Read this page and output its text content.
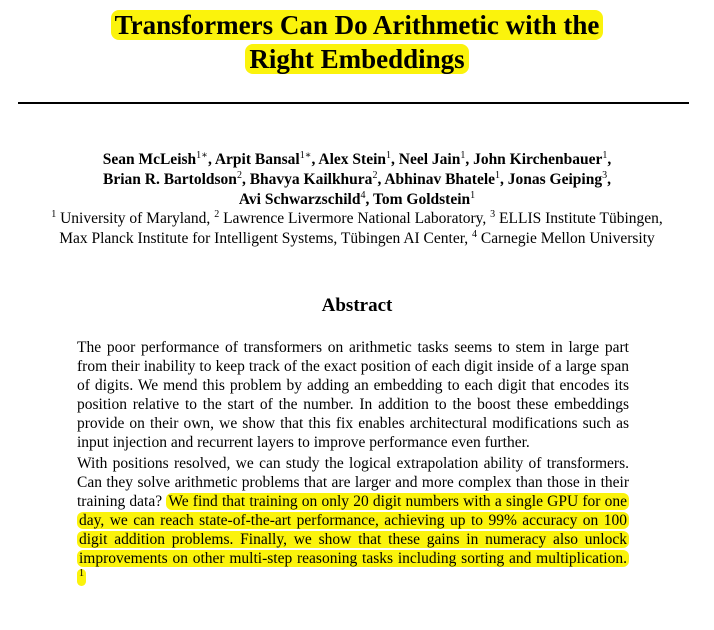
Transformers Can Do Arithmetic with the
Right Embeddings
Sean McLeish$^{1∗}$, Arpit Bansal$^{1∗}$, Alex Stein$^1$, Neel Jain$^1$, John Kirchenbauer$^1$,
Brian R. Bartoldson$^2$, Bhavya Kailkhura$^2$, Abhinav Bhatele$^1$, Jonas Geiping$^3$,
Avi Schwarzschild$^4$, Tom Goldstein$^1$
$^1$ University of Maryland, $^2$ Lawrence Livermore National Laboratory, $^3$ ELLIS Institute Tübingen,
Max Planck Institute for Intelligent Systems, Tübingen AI Center, $^4$ Carnegie Mellon University
Abstract

The poor performance of transformers on arithmetic tasks seems to stem in large part from their inability to keep track of the exact position of each digit inside of a large span of digits. We mend this problem by adding an embedding to each digit that encodes its position relative to the start of the number. In addition to the boost these embeddings provide on their own, we show that this fix enables architectural modifications such as input injection and recurrent layers to improve performance even further.

With positions resolved, we can study the logical extrapolation ability of transformers. Can they solve arithmetic problems that are larger and more complex than those in their training data? We find that training on only 20 digit numbers with a single GPU for one day, we can reach state-of-the-art performance, achieving up to 99% accuracy on 100 digit addition problems. Finally, we show that these gains in numeracy also unlock improvements on other multi-step reasoning tasks including sorting and multiplication. $^1$
